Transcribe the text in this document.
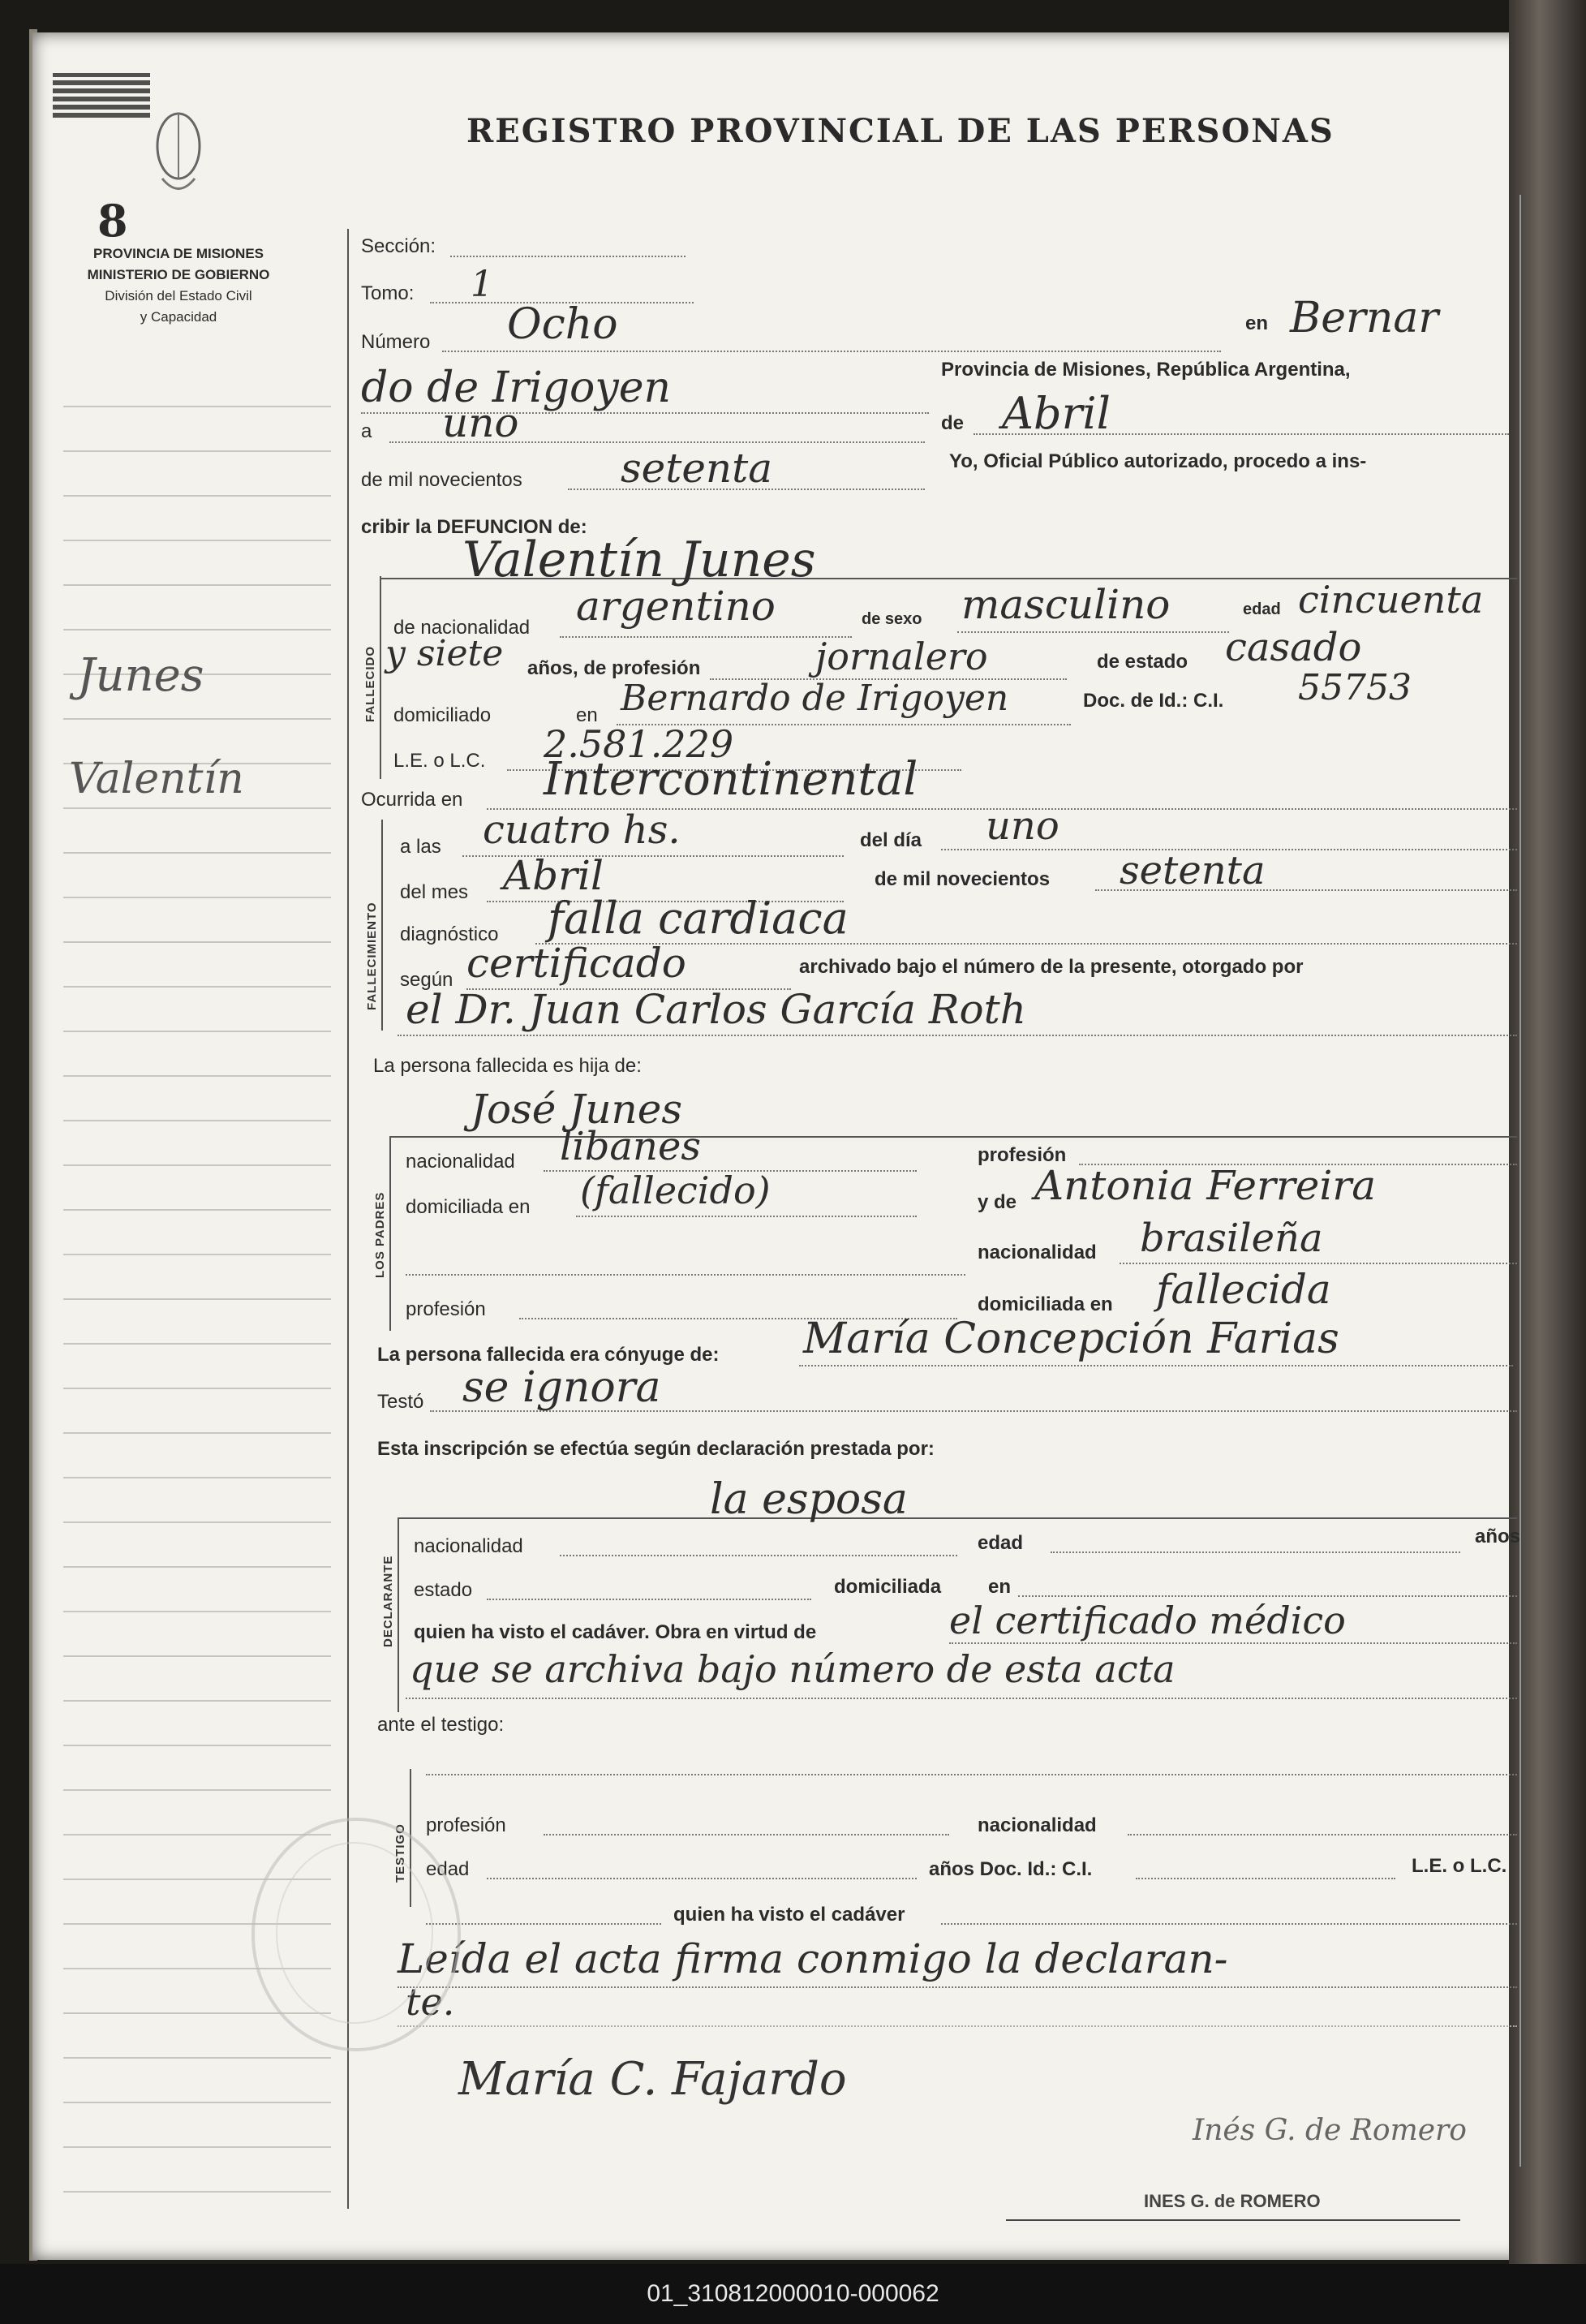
8
PROVINCIA DE MISIONES
MINISTERIO DE GOBIERNO
División del Estado Civil
y Capacidad
REGISTRO PROVINCIAL DE LAS PERSONAS
Junes
Valentín
Sección:
Tomo: 1
Número Ocho	en Bernar
do de Irigoyen	Provincia de Misiones, República Argentina,
a uno	de Abril
de mil novecientos setenta	Yo, Oficial Público autorizado, procedo a ins-
cribir la DEFUNCION de:
FALLECIDO
Valentín Junes
de nacionalidad argentino	de sexo masculino	edad cincuenta
y siete años, de profesión	jornalero	de estado casado
domiciliado	en Bernardo de Irigoyen	Doc. de Id.: C.I. 55753
L.E. o L.C. 2.581.229
Ocurrida en Intercontinental
FALLECIMIENTO
a las cuatro hs.	del día uno
del mes Abril	de mil novecientos setenta
diagnóstico falla cardiaca
según certificado	archivado bajo el número de la presente, otorgado por
el Dr. Juan Carlos García Roth
La persona fallecida es hija de:
LOS PADRES
José Junes
nacionalidad libanes	profesión
domiciliada en (fallecido)	y de Antonia Ferreira
nacionalidad brasileña
profesión	domiciliada en fallecida
La persona fallecida era cónyuge de: María Concepción Farias
Testó se ignora
Esta inscripción se efectúa según declaración prestada por:
DECLARANTE
la esposa
nacionalidad	edad	años
estado	domiciliada en
quien ha visto el cadáver. Obra en virtud de	el certificado médico
que se archiva bajo número de esta acta
ante el testigo:
TESTIGO profesión	nacionalidad
edad	años Doc. Id.: C.I.	L.E. o L.C.
quien ha visto el cadáver
Leída el acta firma conmigo la declaran-
te.
María C. Fajardo
Inés G. de Romero
INES G. de ROMERO
01_310812000010-000062
